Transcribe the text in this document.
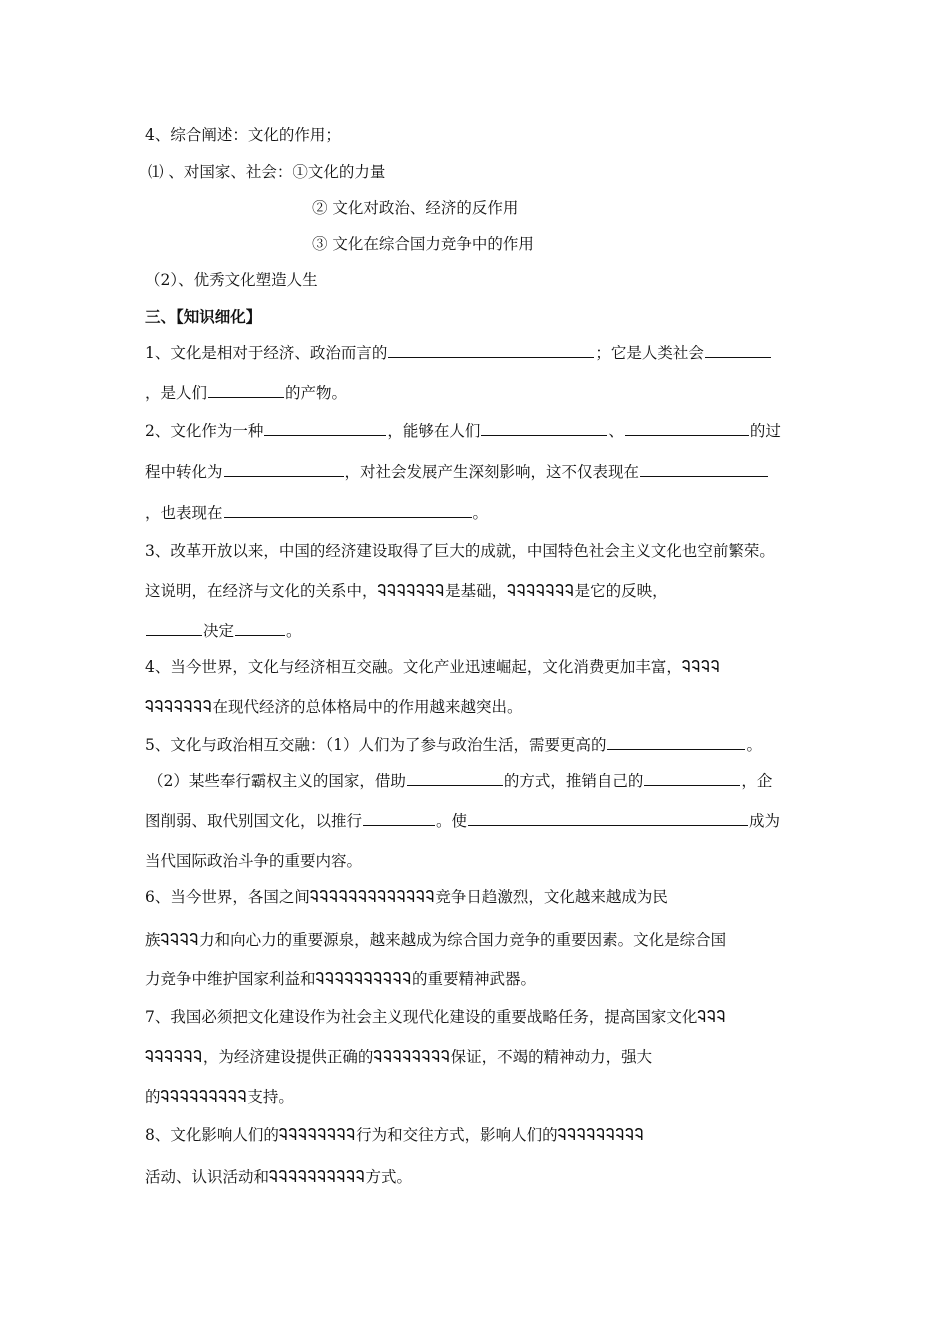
4、综合阐述：文化的作用；
⑴ 、对国家、社会：①文化的力量
② 文化对政治、经济的反作用
③ 文化在综合国力竞争中的作用
（2）、优秀文化塑造人生
三、【知识细化】
1、文化是相对于经济、政治而言的	；它是人类社会
，是人们	的产物。
2、文化作为一种	，能够在人们	、	的过
程中转化为	，对社会发展产生深刻影响，这不仅表现在
，也表现在	。
3、改革开放以来，中国的经济建设取得了巨大的成就，中国特色社会主义文化也空前繁荣。
这说明，在经济与文化的关系中，ᎸᎸᎸᎸᎸᎸᎸ是基础，ᎸᎸᎸᎸᎸᎸᎸ是它的反映，
决定	。
4、当今世界，文化与经济相互交融。文化产业迅速崛起，文化消费更加丰富，ᎸᎸᎸᎸ
ᎸᎸᎸᎸᎸᎸᎸ在现代经济的总体格局中的作用越来越突出。
5、文化与政治相互交融：（1）人们为了参与政治生活，需要更高的	。
（2）某些奉行霸权主义的国家，借助	的方式，推销自己的	，企
图削弱、取代别国文化，以推行	。使	成为
当代国际政治斗争的重要内容。
6、当今世界，各国之间ᎸᎸᎸᎸᎸᎸᎸᎸᎸᎸᎸᎸᎸ竞争日趋激烈，文化越来越成为民
族ᎸᎸᎸᎸ力和向心力的重要源泉，越来越成为综合国力竞争的重要因素。文化是综合国
力竞争中维护国家利益和ᎸᎸᎸᎸᎸᎸᎸᎸᎸᎸ的重要精神武器。
7、我国必须把文化建设作为社会主义现代化建设的重要战略任务，提高国家文化ᎸᎸᎸ
ᎸᎸᎸᎸᎸᎸ，为经济建设提供正确的ᎸᎸᎸᎸᎸᎸᎸᎸ保证，不竭的精神动力，强大
的ᎸᎸᎸᎸᎸᎸᎸᎸᎸ支持。
8、文化影响人们的ᎸᎸᎸᎸᎸᎸᎸᎸ行为和交往方式，影响人们的ᎸᎸᎸᎸᎸᎸᎸᎸᎸ
活动、认识活动和ᎸᎸᎸᎸᎸᎸᎸᎸᎸᎸ方式。
